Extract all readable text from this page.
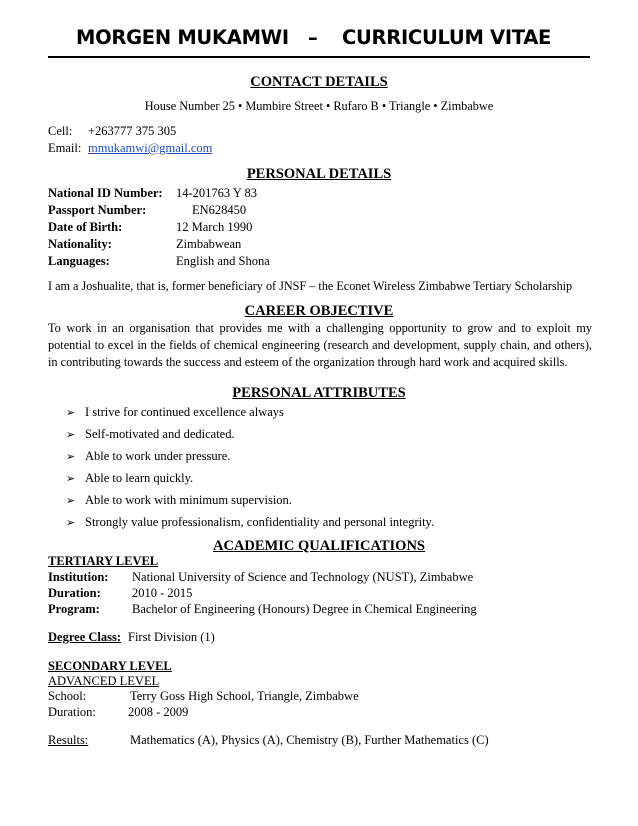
MORGEN MUKAMWI – CURRICULUM VITAE
CONTACT DETAILS
House Number 25 • Mumbire Street • Rufaro B • Triangle • Zimbabwe
Cell: +263777 375 305
Email: mmukamwi@gmail.com
PERSONAL DETAILS
National ID Number: 14-201763 Y 83
Passport Number:	EN628450
Date of Birth:	12 March 1990
Nationality:	Zimbabwean
Languages:	English and Shona
I am a Joshualite, that is, former beneficiary of JNSF – the Econet Wireless Zimbabwe Tertiary Scholarship
CAREER OBJECTIVE
To work in an organisation that provides me with a challenging opportunity to grow and to exploit my potential to excel in the fields of chemical engineering (research and development, supply chain, and others), in contributing towards the success and esteem of the organization through hard work and acquired skills.
PERSONAL ATTRIBUTES
➢ I strive for continued excellence always
➢ Self-motivated and dedicated.
➢ Able to work under pressure.
➢ Able to learn quickly.
➢ Able to work with minimum supervision.
➢ Strongly value professionalism, confidentiality and personal integrity.
ACADEMIC QUALIFICATIONS
TERTIARY LEVEL
Institution: National University of Science and Technology (NUST), Zimbabwe
Duration: 2010 - 2015
Program:	Bachelor of Engineering (Honours) Degree in Chemical Engineering
Degree Class: First Division (1)
SECONDARY LEVEL
ADVANCED LEVEL
School:	Terry Goss High School, Triangle, Zimbabwe
Duration:	2008 - 2009
Results:	Mathematics (A), Physics (A), Chemistry (B), Further Mathematics (C)
